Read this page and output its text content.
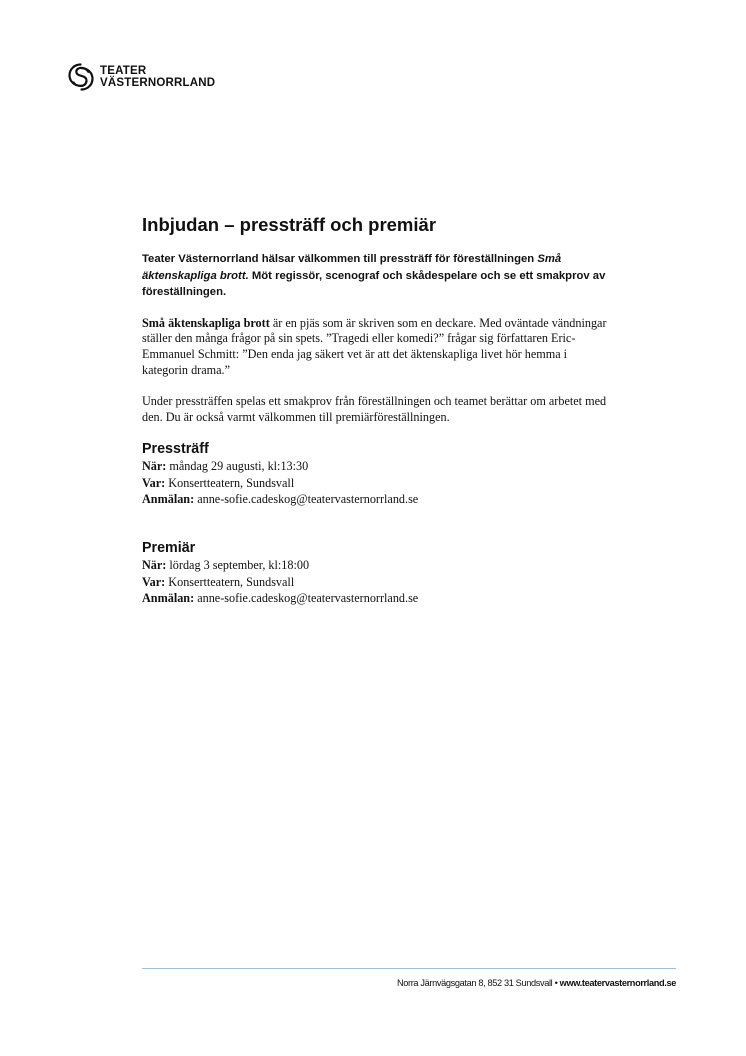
TEATER
VÄSTERNORRLAND
Inbjudan – pressträff och premiär

Teater Västernorrland hälsar välkommen till pressträff för föreställningen Små äktenskapliga brott. Möt regissör, scenograf och skådespelare och se ett smakprov av föreställningen.

Små äktenskapliga brott är en pjäs som är skriven som en deckare. Med oväntade vändningar ställer den många frågor på sin spets. ”Tragedi eller komedi?” frågar sig författaren Eric-Emmanuel Schmitt: ”Den enda jag säkert vet är att det äktenskapliga livet hör hemma i kategorin drama.”

Under pressträffen spelas ett smakprov från föreställningen och teamet berättar om arbetet med den. Du är också varmt välkommen till premiärföreställningen.

Pressträff
När: måndag 29 augusti, kl:13:30
Var: Konsertteatern, Sundsvall
Anmälan: anne-sofie.cadeskog@teatervasternorrland.se
Premiär
När: lördag 3 september, kl:18:00
Var: Konsertteatern, Sundsvall
Anmälan: anne-sofie.cadeskog@teatervasternorrland.se
Norra Järnvägsgatan 8, 852 31 Sundsvall • www.teatervasternorrland.se
